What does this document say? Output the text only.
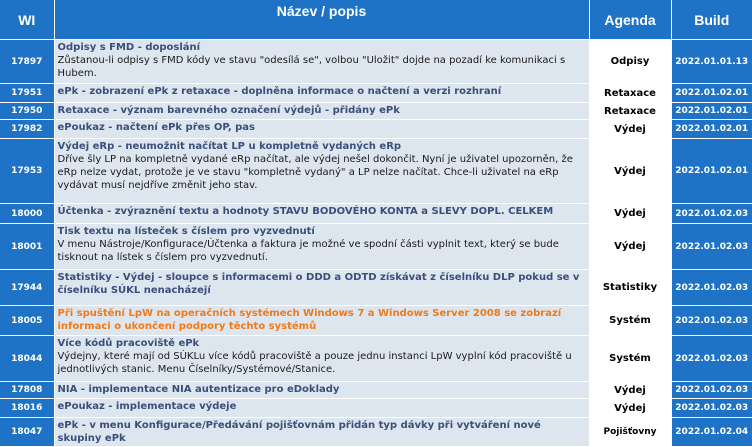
WI	Název / popis	Agenda	Build
17897	Odpisy s FMD - doposlání
Zůstanou-li odpisy s FMD kódy ve stavu "odesílá se", volbou "Uložit" dojde na pozadí ke komunikaci s Hubem.	Odpisy	2022.01.01.13
17951	ePk - zobrazení ePk z retaxace - doplněna informace o načtení a verzi rozhraní	Retaxace	2022.01.02.01
17950	Retaxace - význam barevného označení výdejů - přidány ePk	Retaxace	2022.01.02.01
17982	ePoukaz - načtení ePk přes OP, pas	Výdej	2022.01.02.01
17953	Výdej eRp - neumožnit načítat LP u kompletně vydaných eRp
Dříve šly LP na kompletně vydané eRp načítat, ale výdej nešel dokončit. Nyní je uživatel upozorněn, že eRp nelze vydat, protože je ve stavu "kompletně vydaný" a LP nelze načítat. Chce-li uživatel na eRp vydávat musí nejdříve změnit jeho stav.	Výdej	2022.01.02.01
18000	Účtenka - zvýraznění textu a hodnoty STAVU BODOVÉHO KONTA a SLEVY DOPL. CELKEM	Výdej	2022.01.02.03
18001	Tisk textu na lísteček s číslem pro vyzvednutí
V menu Nástroje/Konfigurace/Účtenka a faktura je možné ve spodní části vyplnit text, který se bude tisknout na lístek s číslem pro vyzvednutí.	Výdej	2022.01.02.03
17944	Statistiky - Výdej - sloupce s informacemi o DDD a ODTD získávat z číselníku DLP pokud se v číselníku SÚKL nenacházejí	Statistiky	2022.01.02.03
18005	Při spuštění LpW na operačních systémech Windows 7 a Windows Server 2008 se zobrazí informaci o ukončení podpory těchto systémů	Systém	2022.01.02.03
18044	Více kódů pracoviště ePk
Výdejny, které mají od SÚKLu více kódů pracoviště a pouze jednu instanci LpW vyplní kód pracoviště u jednotlivých stanic. Menu Číselníky/Systémové/Stanice.	Systém	2022.01.02.03
17808	NIA - implementace NIA autentizace pro eDoklady	Výdej	2022.01.02.03
18016	ePoukaz - implementace výdeje	Výdej	2022.01.02.03
18047	ePk - v menu Konfigurace/Předávání pojišťovnám přidán typ dávky při vytváření nové skupiny ePk	Pojišťovny	2022.01.02.04
